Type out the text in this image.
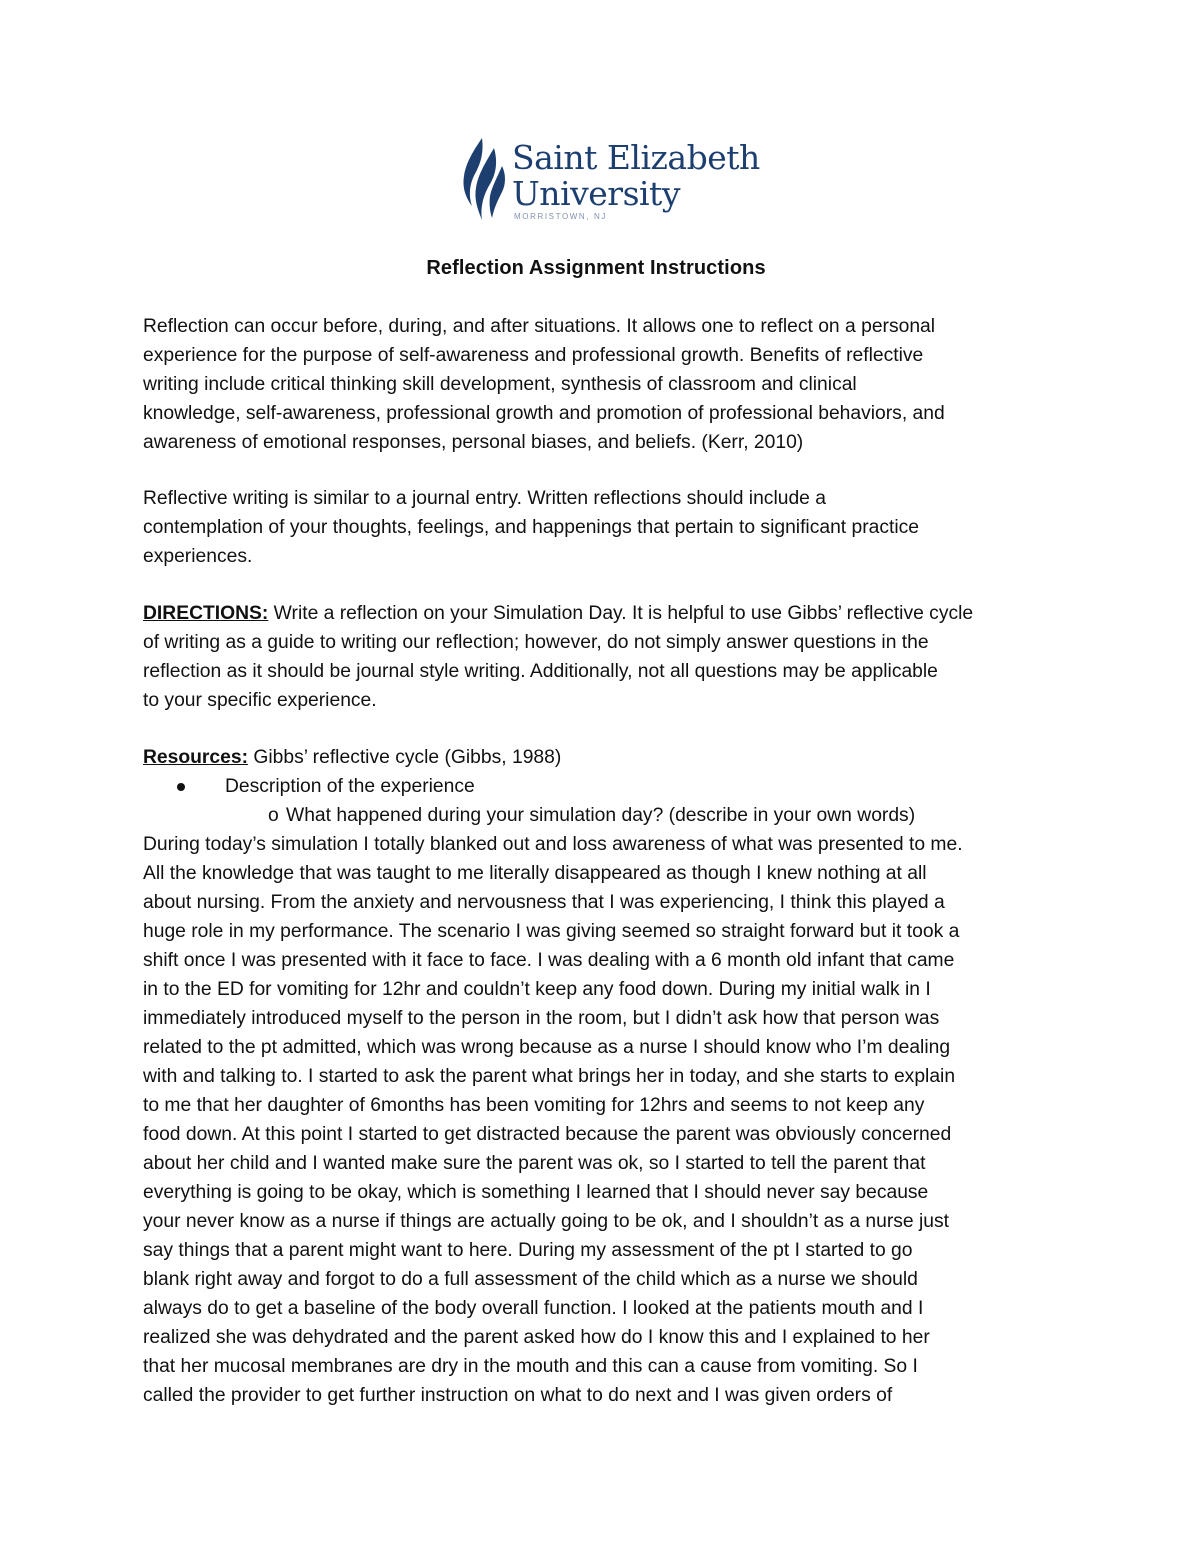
Saint Elizabeth
University
MORRISTOWN, NJ
Reflection Assignment Instructions
Reflection can occur before, during, and after situations. It allows one to reflect on a personal
experience for the purpose of self-awareness and professional growth. Benefits of reflective
writing include critical thinking skill development, synthesis of classroom and clinical
knowledge, self-awareness, professional growth and promotion of professional behaviors, and
awareness of emotional responses, personal biases, and beliefs. (Kerr, 2010)
Reflective writing is similar to a journal entry. Written reflections should include a
contemplation of your thoughts, feelings, and happenings that pertain to significant practice
experiences.
DIRECTIONS: Write a reflection on your Simulation Day. It is helpful to use Gibbs’ reflective cycle
of writing as a guide to writing our reflection; however, do not simply answer questions in the
reflection as it should be journal style writing. Additionally, not all questions may be applicable
to your specific experience.
Resources: Gibbs’ reflective cycle (Gibbs, 1988)
Description of the experience
o What happened during your simulation day? (describe in your own words)
During today’s simulation I totally blanked out and loss awareness of what was presented to me.
All the knowledge that was taught to me literally disappeared as though I knew nothing at all
about nursing. From the anxiety and nervousness that I was experiencing, I think this played a
huge role in my performance. The scenario I was giving seemed so straight forward but it took a
shift once I was presented with it face to face. I was dealing with a 6 month old infant that came
in to the ED for vomiting for 12hr and couldn’t keep any food down. During my initial walk in I
immediately introduced myself to the person in the room, but I didn’t ask how that person was
related to the pt admitted, which was wrong because as a nurse I should know who I’m dealing
with and talking to. I started to ask the parent what brings her in today, and she starts to explain
to me that her daughter of 6months has been vomiting for 12hrs and seems to not keep any
food down. At this point I started to get distracted because the parent was obviously concerned
about her child and I wanted make sure the parent was ok, so I started to tell the parent that
everything is going to be okay, which is something I learned that I should never say because
your never know as a nurse if things are actually going to be ok, and I shouldn’t as a nurse just
say things that a parent might want to here. During my assessment of the pt I started to go
blank right away and forgot to do a full assessment of the child which as a nurse we should
always do to get a baseline of the body overall function. I looked at the patients mouth and I
realized she was dehydrated and the parent asked how do I know this and I explained to her
that her mucosal membranes are dry in the mouth and this can a cause from vomiting. So I
called the provider to get further instruction on what to do next and I was given orders of
